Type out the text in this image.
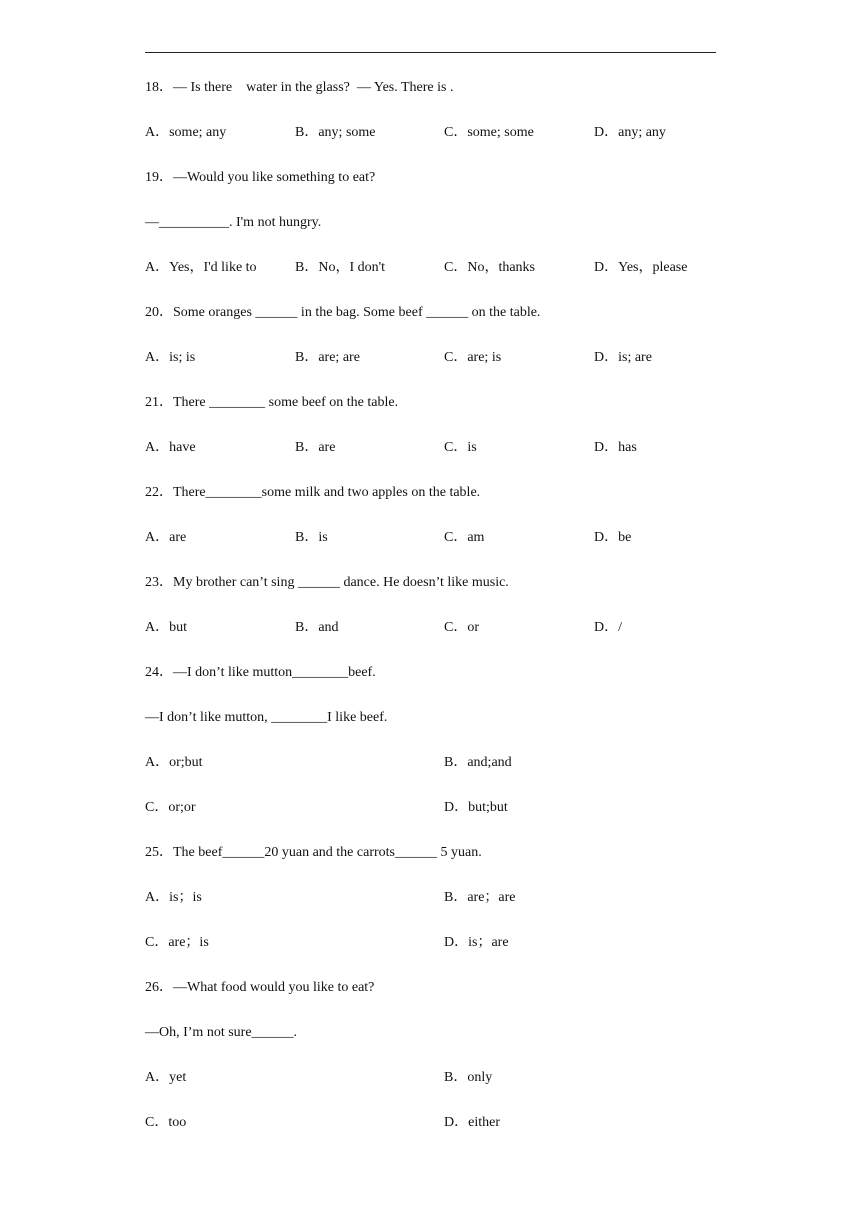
18．— Is there    water in the glass?  — Yes. There is .
A．some; any	B．any; some	C．some; some	D．any; any
19．—Would you like something to eat?
—__________. I'm not hungry.
A．Yes，I'd like to	B．No，I don't	C．No，thanks	D．Yes，please
20．Some oranges ______ in the bag. Some beef ______ on the table.
A．is; is	B．are; are	C．are; is	D．is; are
21．There ________ some beef on the table.
A．have	B．are	C．is	D．has
22．There________some milk and two apples on the table.
A．are	B．is	C．am	D．be
23．My brother can’t sing ______ dance. He doesn’t like music.
A．but	B．and	C．or	D．/
24．—I don’t like mutton________beef.
—I don’t like mutton, ________I like beef.
A．or;but	B．and;and
C．or;or	D．but;but
25．The beef______20 yuan and the carrots______ 5 yuan.
A．is；is	B．are；are
C．are；is	D．is；are
26．—What food would you like to eat?
—Oh, I’m not sure______.
A．yet	B．only
C．too	D．either
